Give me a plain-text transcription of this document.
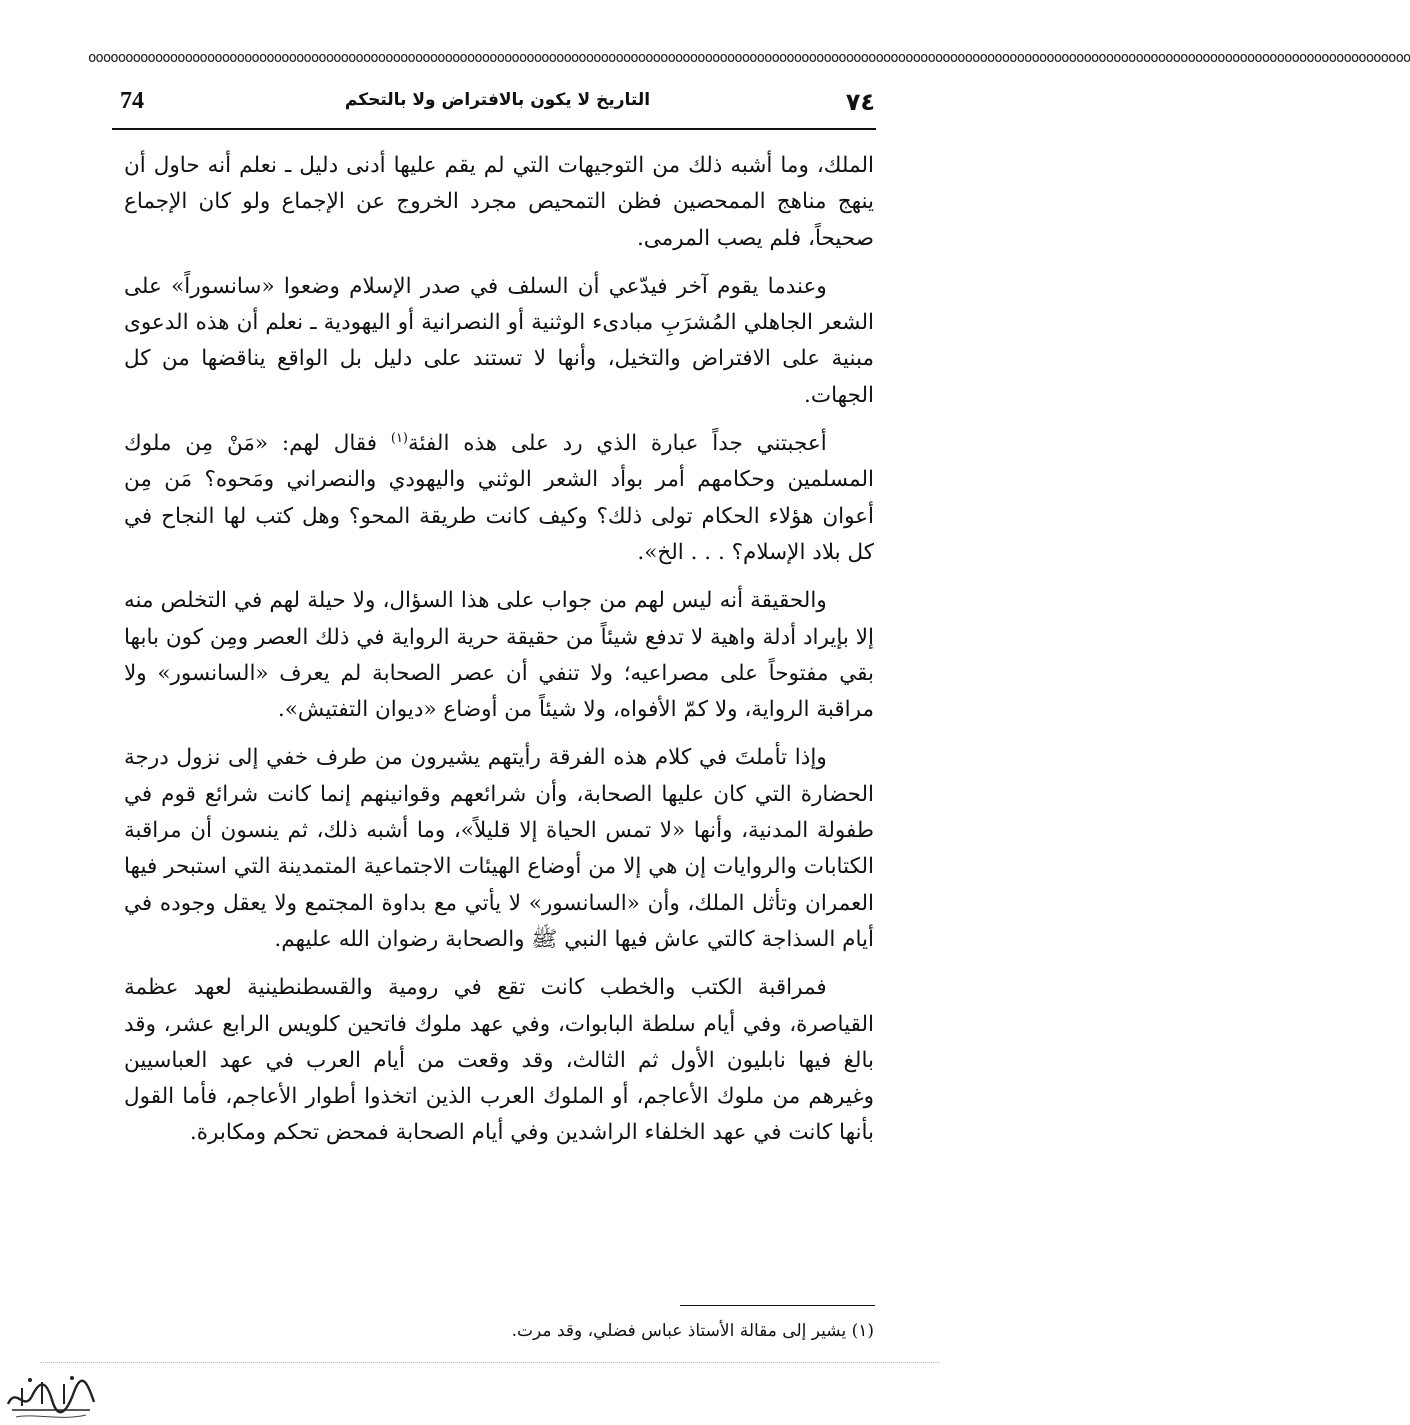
oooooooooooooooooooooooooooooooooooooooooooooooooooooooooooooooooooooooooooooooooooooooooooooooooooooooooooooooooooooooooooooooooooooooooooooooooooooooooooooooooooooooooooooooooo
74	التاريخ لا يكون بالافتراض ولا بالتحكم	٧٤

الملك، وما أشبه ذلك من التوجيهات التي لم يقم عليها أدنى دليل ـ نعلم أنه حاول أن ينهج مناهج الممحصين فظن التمحيص مجرد الخروج عن الإجماع ولو كان الإجماع صحيحاً، فلم يصب المرمى.

وعندما يقوم آخر فيدّعي أن السلف في صدر الإسلام وضعوا «سانسوراً» على الشعر الجاهلي المُشرَبِ مبادىء الوثنية أو النصرانية أو اليهودية ـ نعلم أن هذه الدعوى مبنية على الافتراض والتخيل، وأنها لا تستند على دليل بل الواقع يناقضها من كل الجهات.

أعجبتني جداً عبارة الذي رد على هذه الفئة$^{(١)}$ فقال لهم: «مَنْ مِن ملوك المسلمين وحكامهم أمر بوأد الشعر الوثني واليهودي والنصراني ومَحوه؟ مَن مِن أعوان هؤلاء الحكام تولى ذلك؟ وكيف كانت طريقة المحو؟ وهل كتب لها النجاح في كل بلاد الإسلام؟ . . . الخ».

والحقيقة أنه ليس لهم من جواب على هذا السؤال، ولا حيلة لهم في التخلص منه إلا بإيراد أدلة واهية لا تدفع شيئاً من حقيقة حرية الرواية في ذلك العصر ومِن كون بابها بقي مفتوحاً على مصراعيه؛ ولا تنفي أن عصر الصحابة لم يعرف «السانسور» ولا مراقبة الرواية، ولا كمّ الأفواه، ولا شيئاً من أوضاع «ديوان التفتيش».

وإذا تأملتَ في كلام هذه الفرقة رأيتهم يشيرون من طرف خفي إلى نزول درجة الحضارة التي كان عليها الصحابة، وأن شرائعهم وقوانينهم إنما كانت شرائع قوم في طفولة المدنية، وأنها «لا تمس الحياة إلا قليلاً»، وما أشبه ذلك، ثم ينسون أن مراقبة الكتابات والروايات إن هي إلا من أوضاع الهيئات الاجتماعية المتمدينة التي استبحر فيها العمران وتأثل الملك، وأن «السانسور» لا يأتي مع بداوة المجتمع ولا يعقل وجوده في أيام السذاجة كالتي عاش فيها النبي ﷺ والصحابة رضوان الله عليهم.

فمراقبة الكتب والخطب كانت تقع في رومية والقسطنطينية لعهد عظمة القياصرة، وفي أيام سلطة البابوات، وفي عهد ملوك فاتحين كلويس الرابع عشر، وقد بالغ فيها نابليون الأول ثم الثالث، وقد وقعت من أيام العرب في عهد العباسيين وغيرهم من ملوك الأعاجم، أو الملوك العرب الذين اتخذوا أطوار الأعاجم، فأما القول بأنها كانت في عهد الخلفاء الراشدين وفي أيام الصحابة فمحض تحكم ومكابرة.

(١) يشير إلى مقالة الأستاذ عباس فضلي، وقد مرت.
